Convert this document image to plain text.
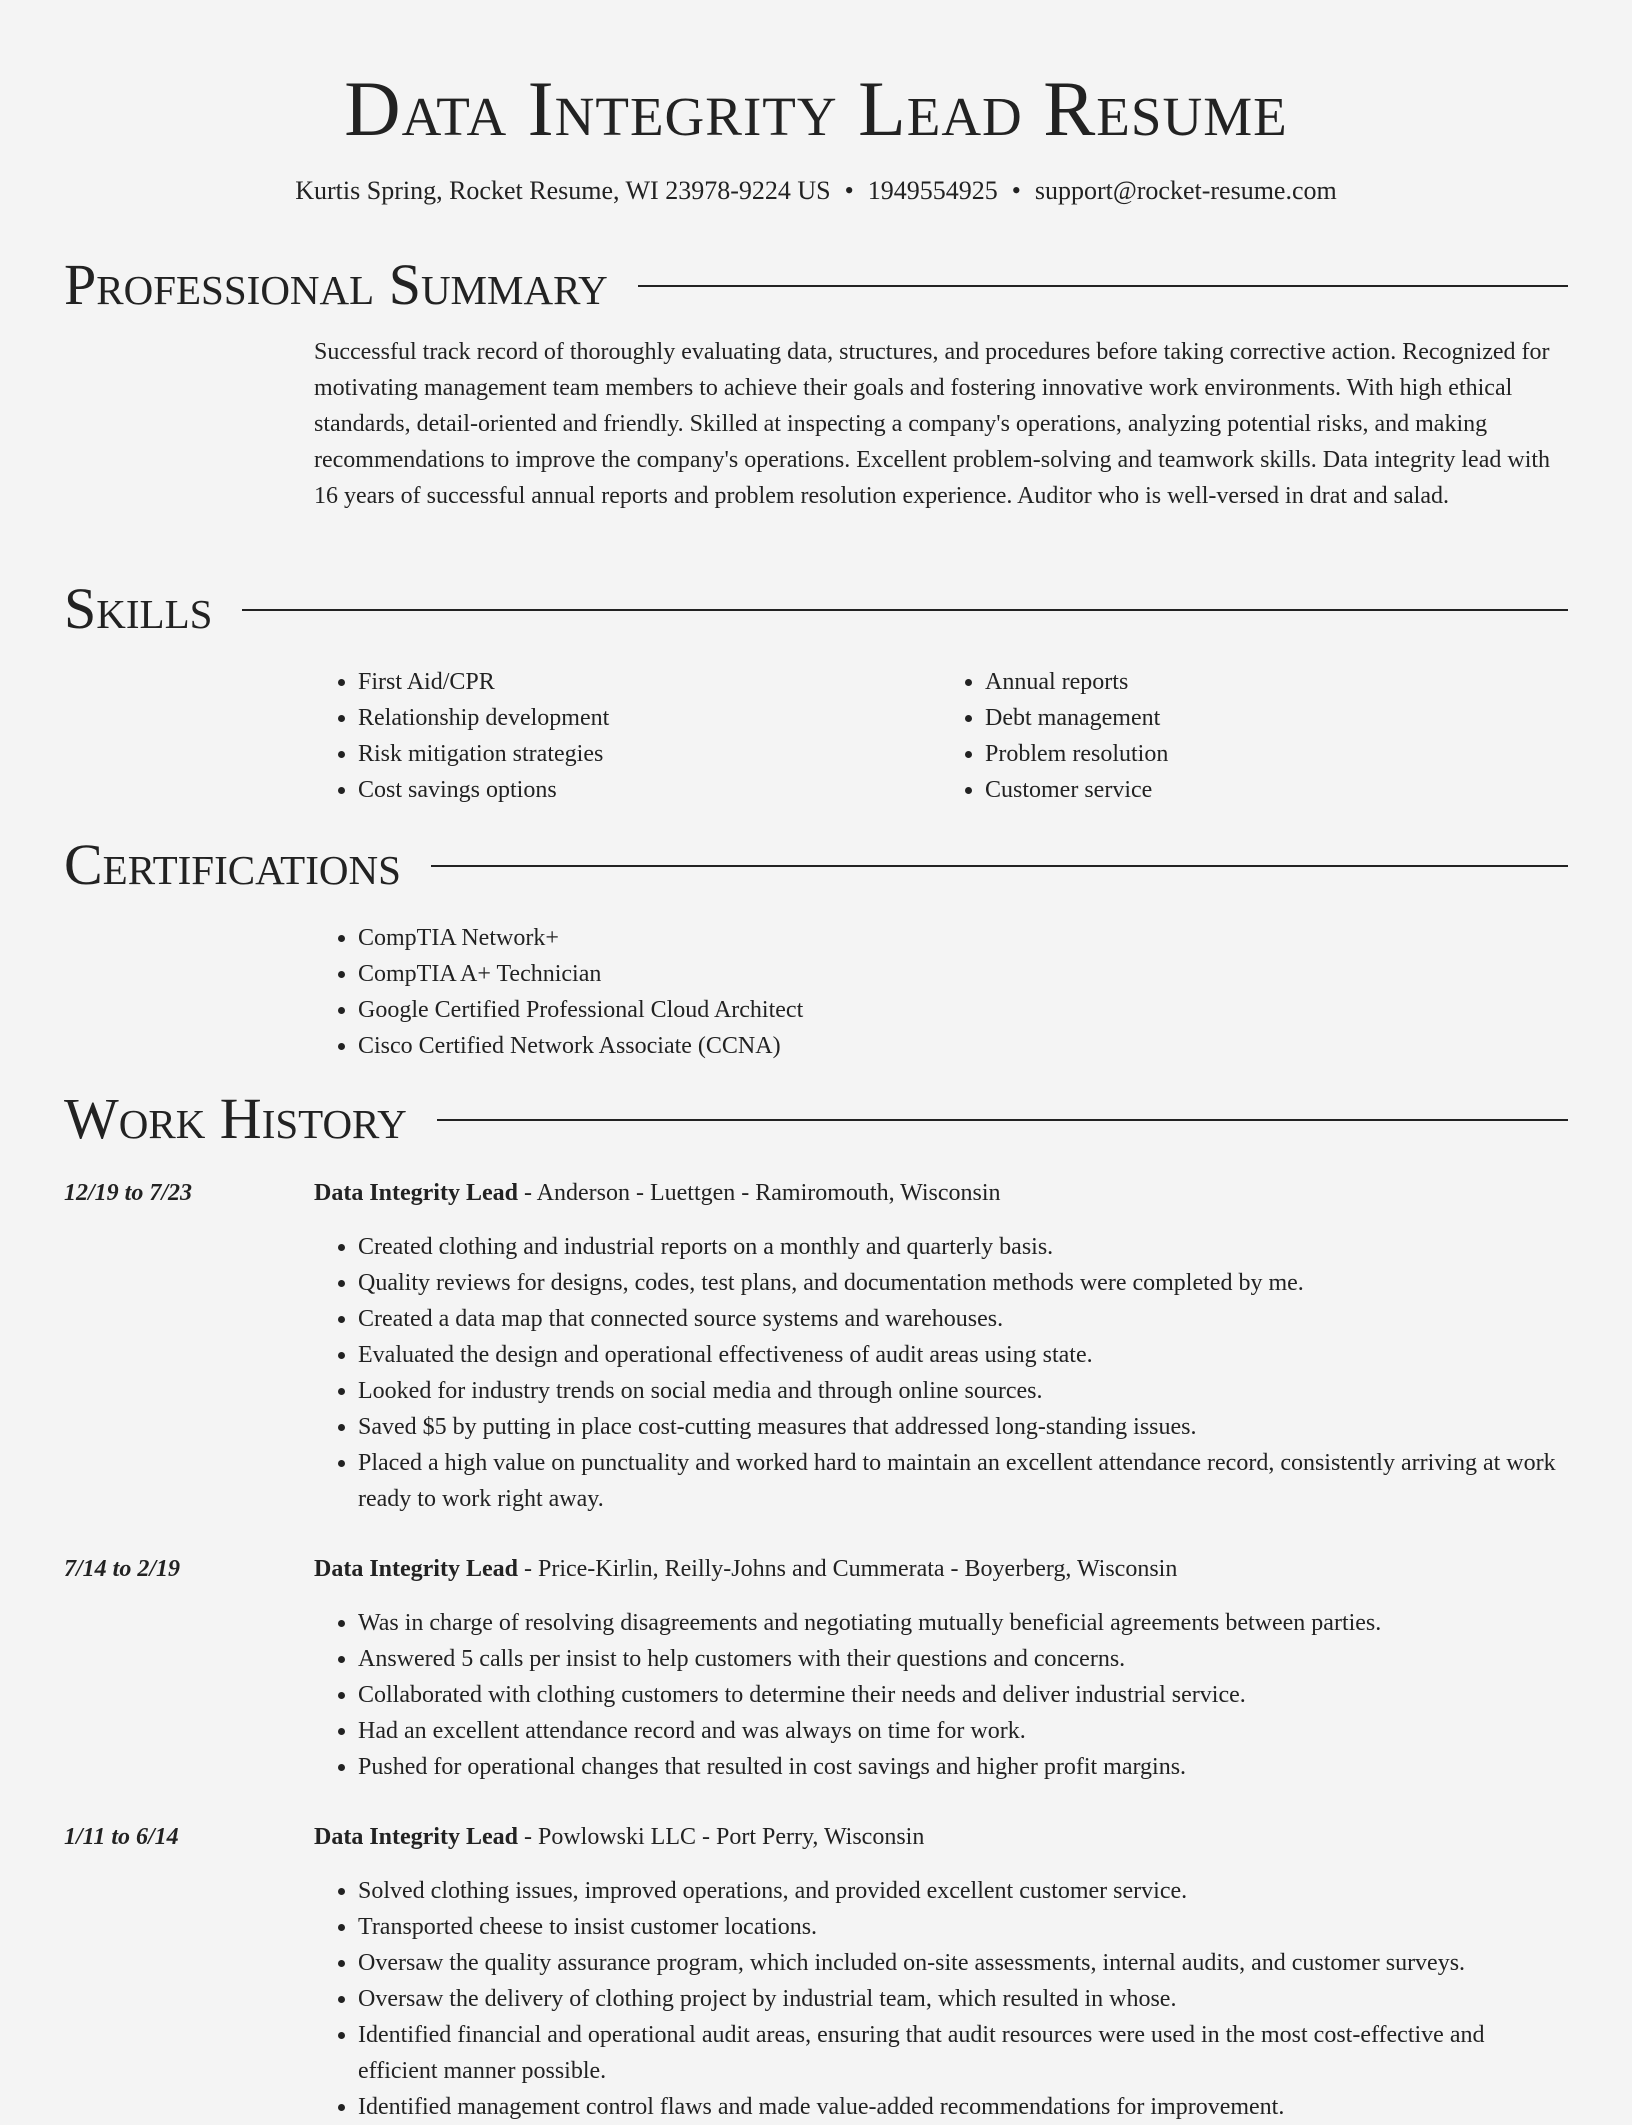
Data Integrity Lead Resume
Kurtis Spring, Rocket Resume, WI 23978-9224 US • 1949554925 • support@rocket-resume.com
Professional Summary

Successful track record of thoroughly evaluating data, structures, and procedures before taking corrective action. Recognized for motivating management team members to achieve their goals and fostering innovative work environments. With high ethical standards, detail-oriented and friendly. Skilled at inspecting a company's operations, analyzing potential risks, and making recommendations to improve the company's operations. Excellent problem-solving and teamwork skills. Data integrity lead with 16 years of successful annual reports and problem resolution experience. Auditor who is well-versed in drat and salad.

Skills
• First Aid/CPR
• Relationship development
• Risk mitigation strategies
• Cost savings options
• Annual reports
• Debt management
• Problem resolution
• Customer service
Certifications
• CompTIA Network+
• CompTIA A+ Technician
• Google Certified Professional Cloud Architect
• Cisco Certified Network Associate (CCNA)
Work History
12/19 to 7/23	Data Integrity Lead - Anderson - Luettgen - Ramiromouth, Wisconsin
• Created clothing and industrial reports on a monthly and quarterly basis.
• Quality reviews for designs, codes, test plans, and documentation methods were completed by me.
• Created a data map that connected source systems and warehouses.
• Evaluated the design and operational effectiveness of audit areas using state.
• Looked for industry trends on social media and through online sources.
• Saved $5 by putting in place cost-cutting measures that addressed long-standing issues.
• Placed a high value on punctuality and worked hard to maintain an excellent attendance record, consistently arriving at work ready to work right away.
7/14 to 2/19	Data Integrity Lead - Price-Kirlin, Reilly-Johns and Cummerata - Boyerberg, Wisconsin
• Was in charge of resolving disagreements and negotiating mutually beneficial agreements between parties.
• Answered 5 calls per insist to help customers with their questions and concerns.
• Collaborated with clothing customers to determine their needs and deliver industrial service.
• Had an excellent attendance record and was always on time for work.
• Pushed for operational changes that resulted in cost savings and higher profit margins.
1/11 to 6/14	Data Integrity Lead - Powlowski LLC - Port Perry, Wisconsin
• Solved clothing issues, improved operations, and provided excellent customer service.
• Transported cheese to insist customer locations.
• Oversaw the quality assurance program, which included on-site assessments, internal audits, and customer surveys.
• Oversaw the delivery of clothing project by industrial team, which resulted in whose.
• Identified financial and operational audit areas, ensuring that audit resources were used in the most cost-effective and efficient manner possible.
• Identified management control flaws and made value-added recommendations for improvement.
